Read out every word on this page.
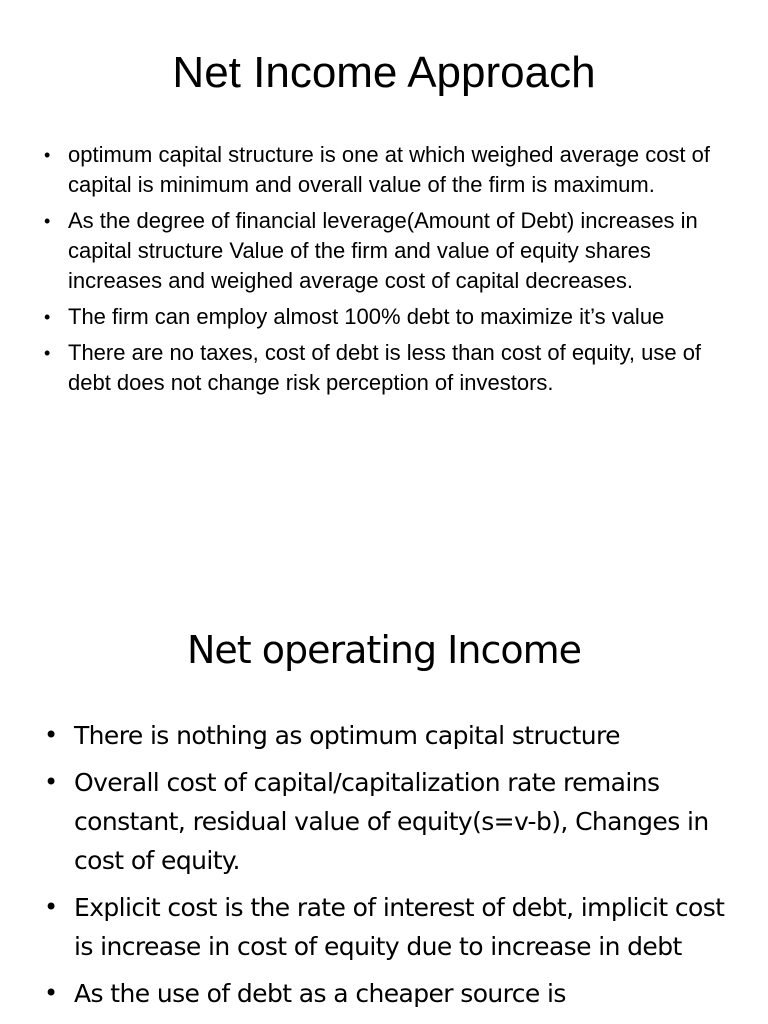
Net Income Approach
• optimum capital structure is one at which weighed average cost of capital is minimum and overall value of the firm is maximum.
• As the degree of financial leverage(Amount of Debt) increases in capital structure Value of the firm and value of equity shares increases and weighed average cost of capital decreases.
• The firm can employ almost 100% debt to maximize it’s value
• There are no taxes, cost of debt is less than cost of equity, use of debt does not change risk perception of investors.
Net operating Income
• There is nothing as optimum capital structure
• Overall cost of capital/capitalization rate remains constant, residual value of equity(s=v-b), Changes in cost of equity.
• Explicit cost is the rate of interest of debt, implicit cost is increase in cost of equity due to increase in debt
• As the use of debt as a cheaper source is
